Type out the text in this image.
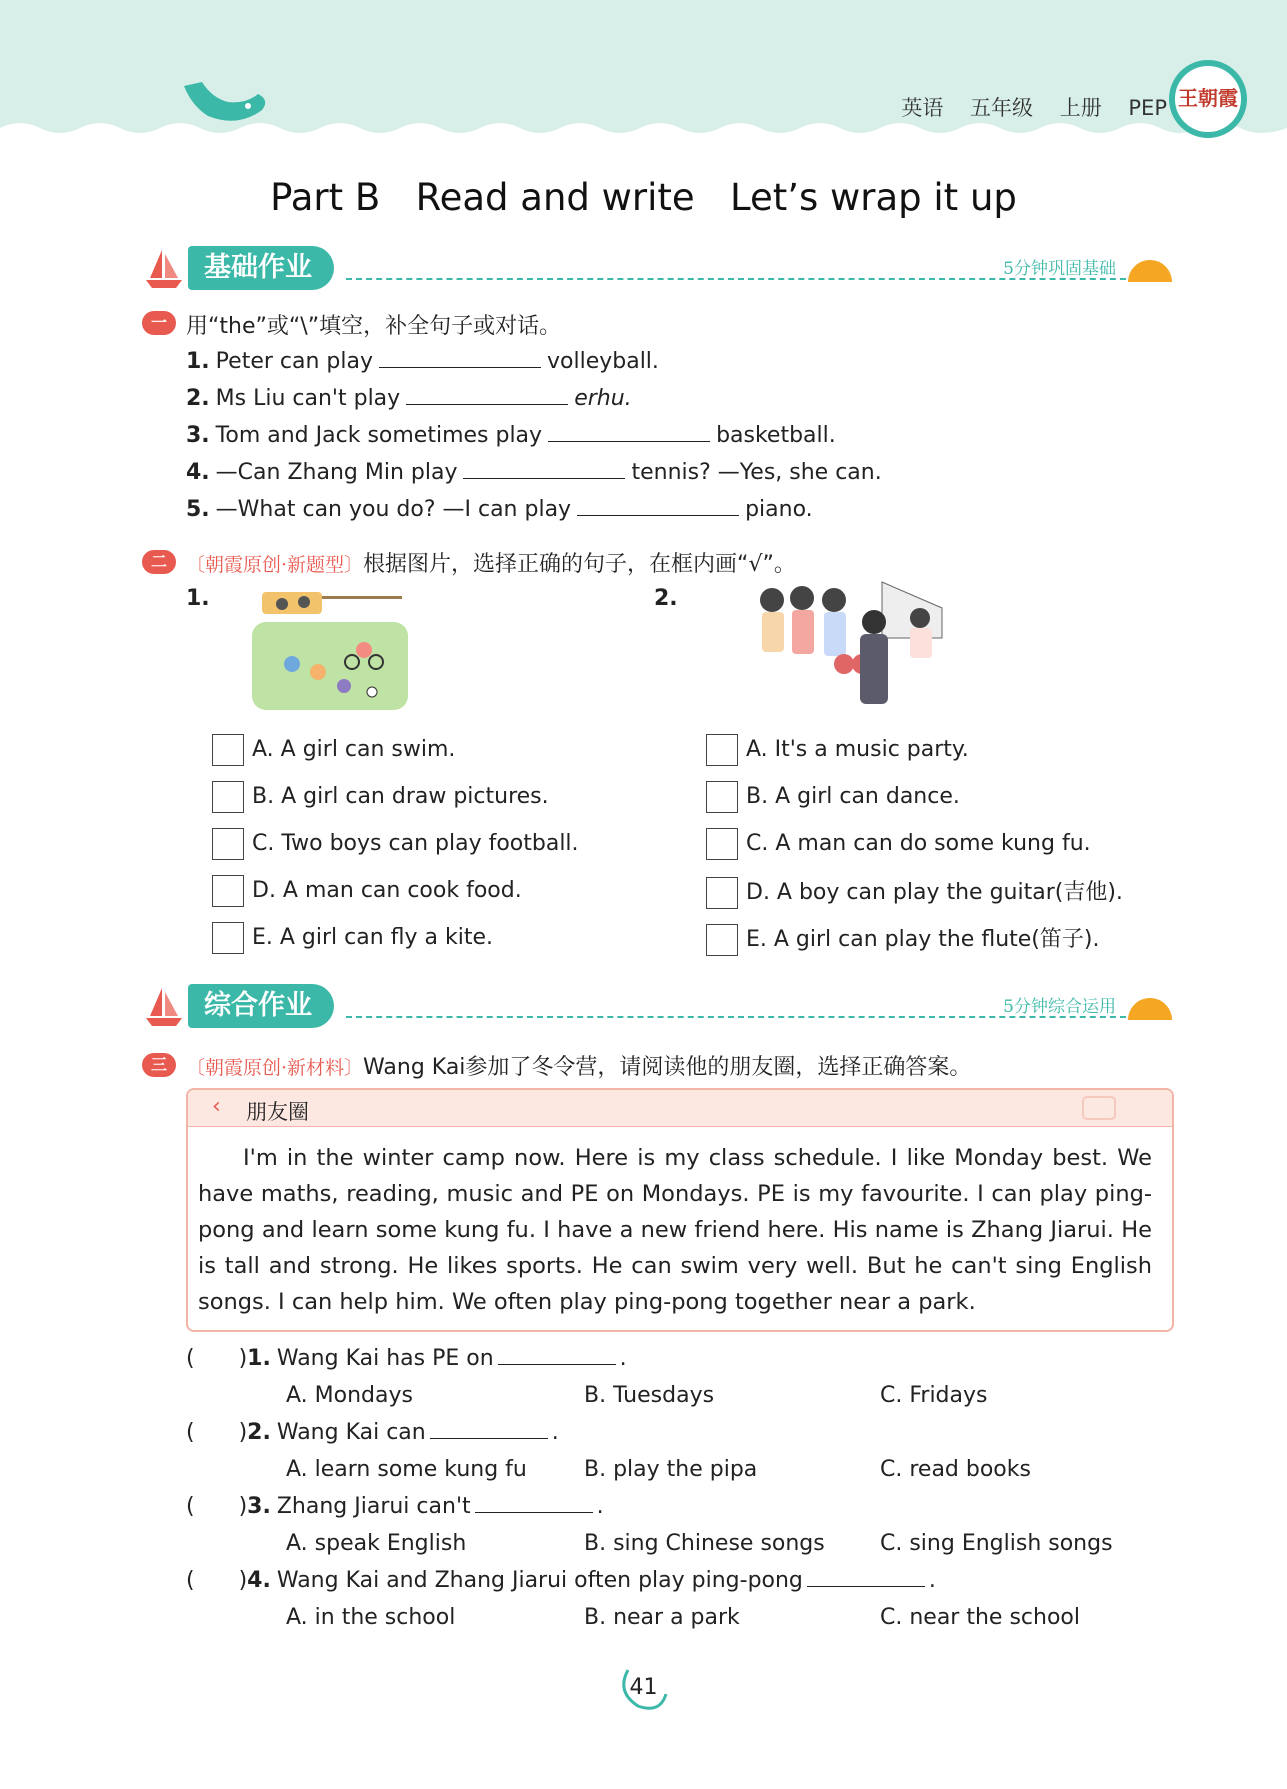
英语 五年级 上册 PEP 王朝霞
Part B   Read and write   Let’s wrap it up
基础作业	5分钟巩固基础
一 用“the”或“\”填空，补全句子或对话。
1. Peter can play	volleyball.
2. Ms Liu can't play	erhu.
3. Tom and Jack sometimes play	basketball.
4. —Can Zhang Min play	tennis? —Yes, she can.
5. —What can you do? —I can play	piano.
二	〔朝霞原创·新题型〕根据图片，选择正确的句子，在框内画“√”。
1.	2.
A. A girl can swim.
B. A girl can draw pictures.
C. Two boys can play football.
D. A man can cook food.
E. A girl can fly a kite.
A. It's a music party.
B. A girl can dance.
C. A man can do some kung fu.
D. A boy can play the guitar(吉他).
E. A girl can play the flute(笛子).
综合作业	5分钟综合运用
三	〔朝霞原创·新材料〕Wang Kai参加了冬令营，请阅读他的朋友圈，选择正确答案。
‹ 朋友圈
I'm in the winter camp now. Here is my class schedule. I like Monday best. We have maths, reading, music and PE on Mondays. PE is my favourite. I can play ping-pong and learn some kung fu. I have a new friend here. His name is Zhang Jiarui. He is tall and strong. He likes sports. He can swim very well. But he can't sing English songs. I can help him. We often play ping-pong together near a park.
(  )1. Wang Kai has PE on	.
A. Mondays	B. Tuesdays	C. Fridays
(  )2. Wang Kai can	.
A. learn some kung fu	B. play the pipa	C. read books
(  )3. Zhang Jiarui can't	.
A. speak English	B. sing Chinese songs	C. sing English songs
(  )4. Wang Kai and Zhang Jiarui often play ping-pong	.
A. in the school	B. near a park	C. near the school
41
